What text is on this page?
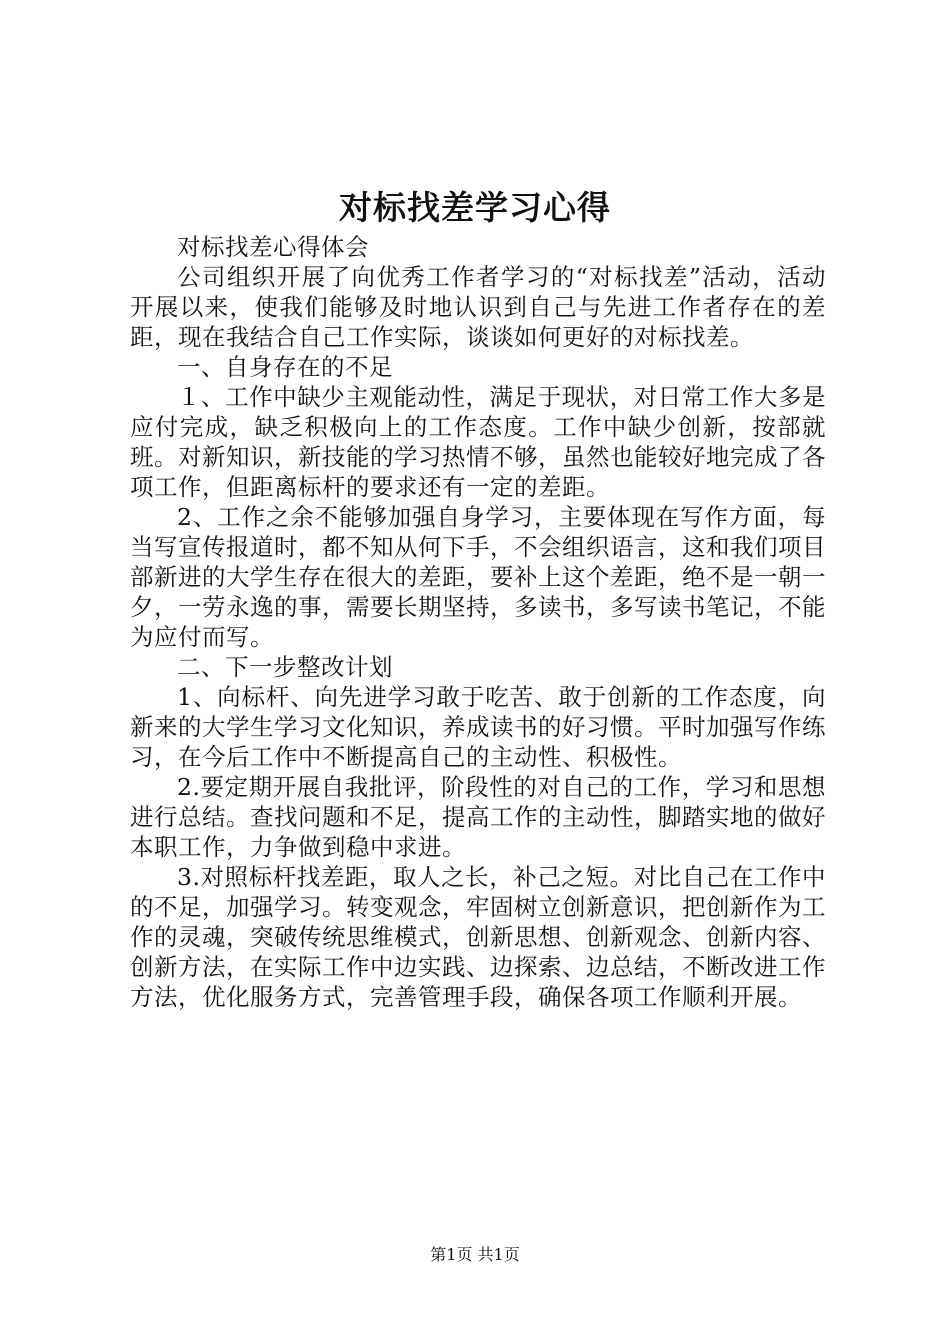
对标找差学习心得

对标找差心得体会

公司组织开展了向优秀工作者学习的“对标找差”活动，活动开展以来，使我们能够及时地认识到自己与先进工作者存在的差距，现在我结合自己工作实际，谈谈如何更好的对标找差。

一、自身存在的不足

１、工作中缺少主观能动性，满足于现状，对日常工作大多是应付完成，缺乏积极向上的工作态度。工作中缺少创新，按部就班。对新知识，新技能的学习热情不够，虽然也能较好地完成了各项工作，但距离标杆的要求还有一定的差距。

2、工作之余不能够加强自身学习，主要体现在写作方面，每当写宣传报道时，都不知从何下手，不会组织语言，这和我们项目部新进的大学生存在很大的差距，要补上这个差距，绝不是一朝一夕，一劳永逸的事，需要长期坚持，多读书，多写读书笔记，不能为应付而写。

二、下一步整改计划

1、向标杆、向先进学习敢于吃苦、敢于创新的工作态度，向新来的大学生学习文化知识，养成读书的好习惯。平时加强写作练习，在今后工作中不断提高自己的主动性、积极性。

2.要定期开展自我批评，阶段性的对自己的工作，学习和思想进行总结。查找问题和不足，提高工作的主动性，脚踏实地的做好本职工作，力争做到稳中求进。

3.对照标杆找差距，取人之长，补己之短。对比自己在工作中的不足，加强学习。转变观念，牢固树立创新意识，把创新作为工作的灵魂，突破传统思维模式，创新思想、创新观念、创新内容、创新方法，在实际工作中边实践、边探索、边总结，不断改进工作方法，优化服务方式，完善管理手段，确保各项工作顺利开展。

第1页 共1页
